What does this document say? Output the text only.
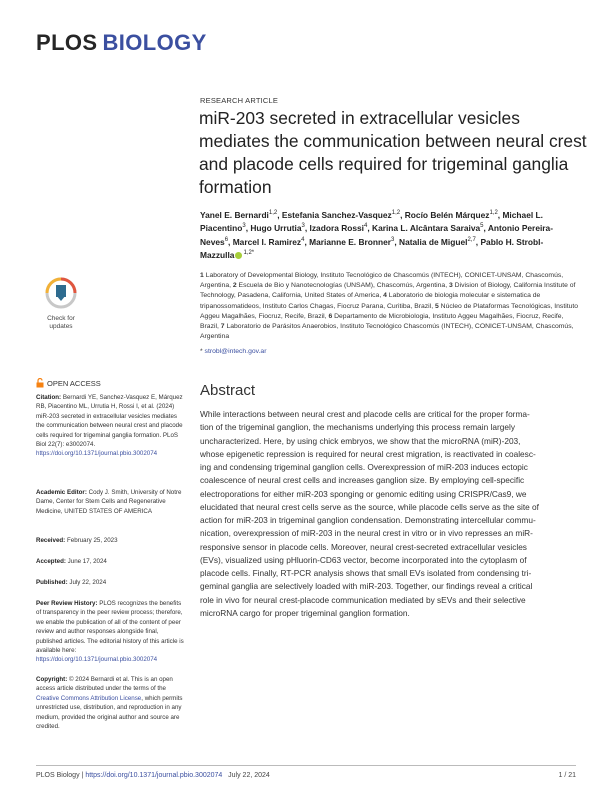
PLOS BIOLOGY
RESEARCH ARTICLE
miR-203 secreted in extracellular vesicles mediates the communication between neural crest and placode cells required for trigeminal ganglia formation
Yanel E. Bernardi$^{1,2}$, Estefania Sanchez-Vasquez$^{1,2}$, Rocío Belén Márquez$^{1,2}$, Michael L. Piacentino$^3$, Hugo Urrutia$^3$, Izadora Rossi$^4$, Karina L. Alcântara Saraiva$^5$, Antonio Pereira-Neves$^6$, Marcel I. Ramirez$^4$, Marianne E. Bronner$^3$, Natalia de Miguel$^{2,7}$, Pablo H. Strobl-Mazzulla $^{1,2*}$
1 Laboratory of Developmental Biology, Instituto Tecnológico de Chascomús (INTECH), CONICET-UNSAM, Chascomús, Argentina, 2 Escuela de Bio y Nanotecnologías (UNSAM), Chascomús, Argentina, 3 Division of Biology, California Institute of Technology, Pasadena, California, United States of America, 4 Laboratorio de biologia molecular e sistematica de tripanossomatideos, Instituto Carlos Chagas, Fiocruz Parana, Curitiba, Brazil, 5 Núcleo de Plataformas Tecnológicas, Instituto Aggeu Magalhães, Fiocruz, Recife, Brazil, 6 Departamento de Microbiologia, Instituto Aggeu Magalhães, Fiocruz, Recife, Brazil, 7 Laboratorio de Parásitos Anaerobios, Instituto Tecnológico Chascomús (INTECH), CONICET-UNSAM, Chascomús, Argentina
* strobl@intech.gov.ar
Abstract
While interactions between neural crest and placode cells are critical for the proper forma-
tion of the trigeminal ganglion, the mechanisms underlying this process remain largely
uncharacterized. Here, by using chick embryos, we show that the microRNA (miR)-203,
whose epigenetic repression is required for neural crest migration, is reactivated in coalesc-
ing and condensing trigeminal ganglion cells. Overexpression of miR-203 induces ectopic
coalescence of neural crest cells and increases ganglion size. By employing cell-specific
electroporations for either miR-203 sponging or genomic editing using CRISPR/Cas9, we
elucidated that neural crest cells serve as the source, while placode cells serve as the site of
action for miR-203 in trigeminal ganglion condensation. Demonstrating intercellular commu-
nication, overexpression of miR-203 in the neural crest in vitro or in vivo represses an miR-
responsive sensor in placode cells. Moreover, neural crest-secreted extracellular vesicles
(EVs), visualized using pHluorin-CD63 vector, become incorporated into the cytoplasm of
placode cells. Finally, RT-PCR analysis shows that small EVs isolated from condensing tri-
geminal ganglia are selectively loaded with miR-203. Together, our findings reveal a critical
role in vivo for neural crest-placode communication mediated by sEVs and their selective
microRNA cargo for proper trigeminal ganglion formation.
Check for updates
OPEN ACCESS
Citation: Bernardi YE, Sanchez-Vasquez E, Márquez RB, Piacentino ML, Urrutia H, Rossi I, et al. (2024) miR-203 secreted in extracellular vesicles mediates the communication between neural crest and placode cells required for trigeminal ganglia formation. PLoS Biol 22(7): e3002074. https://doi.org/10.1371/journal.pbio.3002074
Academic Editor: Cody J. Smith, University of Notre Dame, Center for Stem Cells and Regenerative Medicine, UNITED STATES OF AMERICA
Received: February 25, 2023
Accepted: June 17, 2024
Published: July 22, 2024
Peer Review History: PLOS recognizes the benefits of transparency in the peer review process; therefore, we enable the publication of all of the content of peer review and author responses alongside final, published articles. The editorial history of this article is available here: https://doi.org/10.1371/journal.pbio.3002074
Copyright: © 2024 Bernardi et al. This is an open access article distributed under the terms of the Creative Commons Attribution License, which permits unrestricted use, distribution, and reproduction in any medium, provided the original author and source are credited.
PLOS Biology | https://doi.org/10.1371/journal.pbio.3002074 July 22, 2024	1 / 21
